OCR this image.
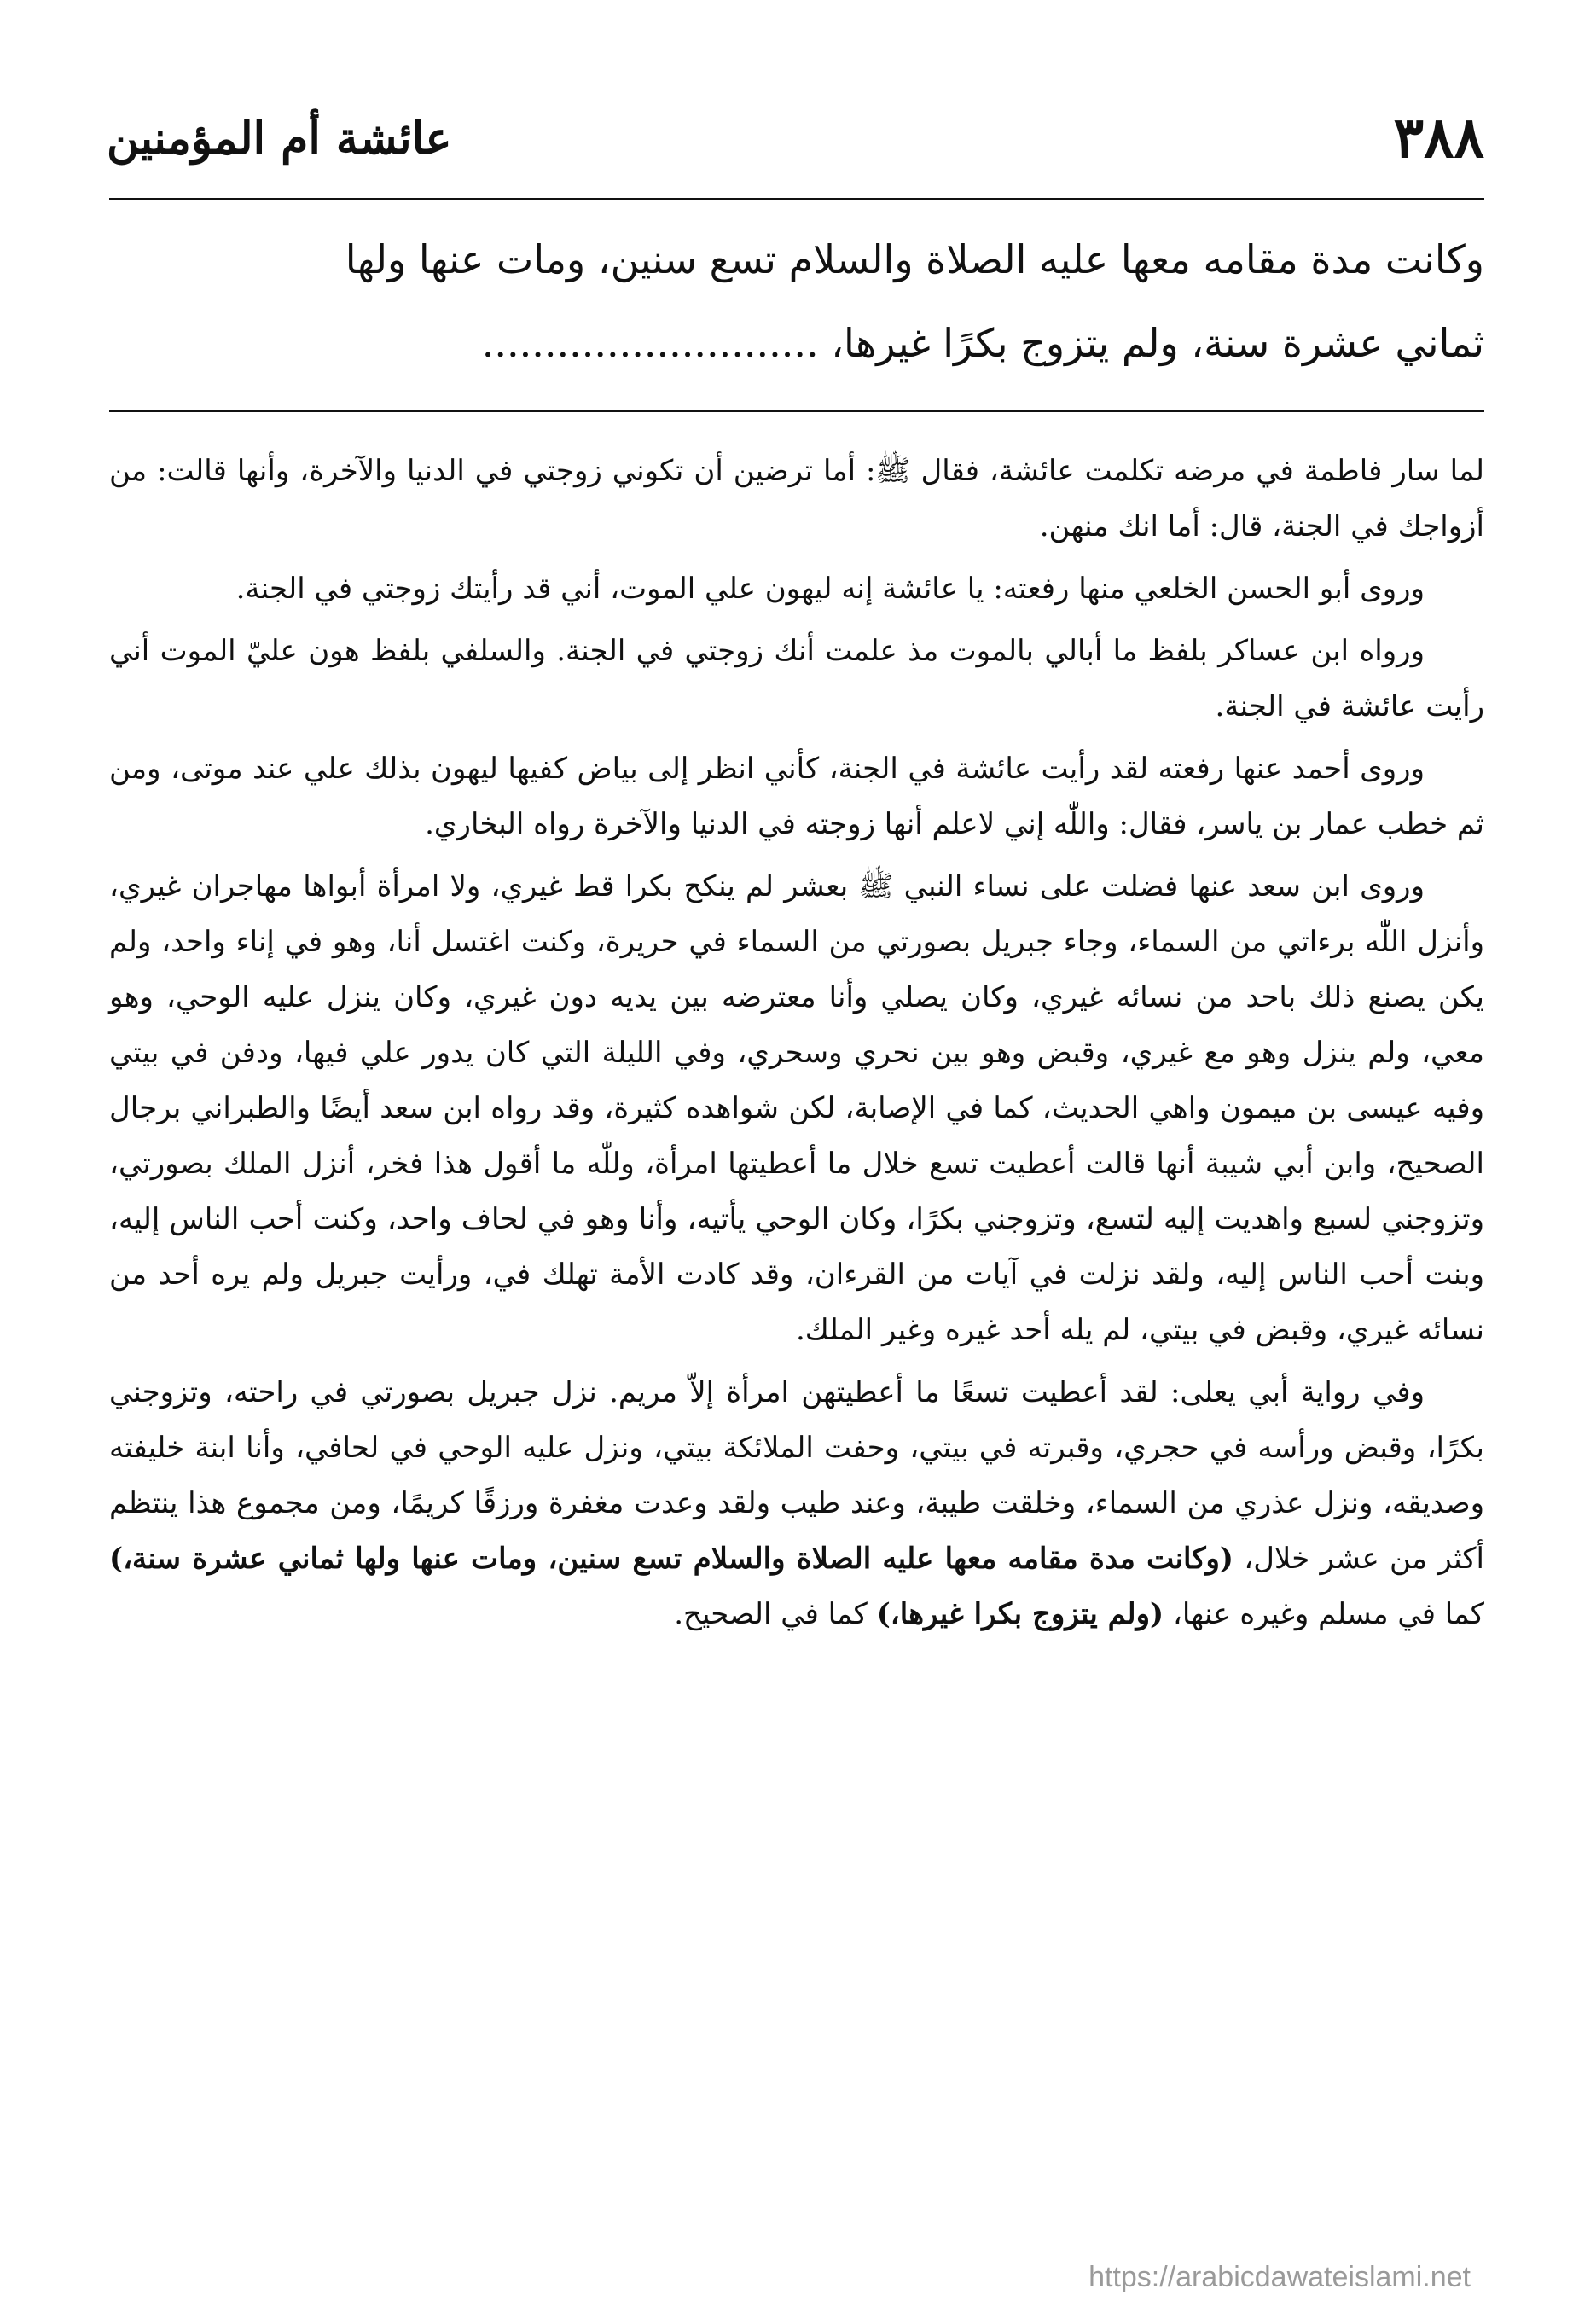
٣٨٨
عائشة أم المؤمنين

وكانت مدة مقامه معها عليه الصلاة والسلام تسع سنين، ومات عنها ولها

ثماني عشرة سنة، ولم يتزوج بكرًا غيرها، ...........................

لما سار فاطمة في مرضه تكلمت عائشة، فقال ﷺ: أما ترضين أن تكوني زوجتي في الدنيا والآخرة، وأنها قالت: من أزواجك في الجنة، قال: أما انك منهن.

وروى أبو الحسن الخلعي منها رفعته: يا عائشة إنه ليهون علي الموت، أني قد رأيتك زوجتي في الجنة.

ورواه ابن عساكر بلفظ ما أبالي بالموت مذ علمت أنك زوجتي في الجنة. والسلفي بلفظ هون عليّ الموت أني رأيت عائشة في الجنة.

وروى أحمد عنها رفعته لقد رأيت عائشة في الجنة، كأني انظر إلى بياض كفيها ليهون بذلك علي عند موتى، ومن ثم خطب عمار بن ياسر، فقال: واللّٰه إني لاعلم أنها زوجته في الدنيا والآخرة رواه البخاري.

وروى ابن سعد عنها فضلت على نساء النبي ﷺ بعشر لم ينكح بكرا قط غيري، ولا امرأة أبواها مهاجران غيري، وأنزل اللّٰه برءاتي من السماء، وجاء جبريل بصورتي من السماء في حريرة، وكنت اغتسل أنا، وهو في إناء واحد، ولم يكن يصنع ذلك باحد من نسائه غيري، وكان يصلي وأنا معترضه بين يديه دون غيري، وكان ينزل عليه الوحي، وهو معي، ولم ينزل وهو مع غيري، وقبض وهو بين نحري وسحري، وفي الليلة التي كان يدور علي فيها، ودفن في بيتي وفيه عيسى بن ميمون واهي الحديث، كما في الإصابة، لكن شواهده كثيرة، وقد رواه ابن سعد أيضًا والطبراني برجال الصحيح، وابن أبي شيبة أنها قالت أعطيت تسع خلال ما أعطيتها امرأة، وللّٰه ما أقول هذا فخر، أنزل الملك بصورتي، وتزوجني لسبع واهديت إليه لتسع، وتزوجني بكرًا، وكان الوحي يأتيه، وأنا وهو في لحاف واحد، وكنت أحب الناس إليه، وبنت أحب الناس إليه، ولقد نزلت في آيات من القرءان، وقد كادت الأمة تهلك في، ورأيت جبريل ولم يره أحد من نسائه غيري، وقبض في بيتي، لم يله أحد غيره وغير الملك.

وفي رواية أبي يعلى: لقد أعطيت تسعًا ما أعطيتهن امرأة إلاّ مريم. نزل جبريل بصورتي في راحته، وتزوجني بكرًا، وقبض ورأسه في حجري، وقبرته في بيتي، وحفت الملائكة بيتي، ونزل عليه الوحي في لحافي، وأنا ابنة خليفته وصديقه، ونزل عذري من السماء، وخلقت طيبة، وعند طيب ولقد وعدت مغفرة ورزقًا كريمًا، ومن مجموع هذا ينتظم أكثر من عشر خلال، (وكانت مدة مقامه معها عليه الصلاة والسلام تسع سنين، ومات عنها ولها ثماني عشرة سنة،) كما في مسلم وغيره عنها، (ولم يتزوج بكرا غيرها،) كما في الصحيح.

https://arabicdawateislami.net
